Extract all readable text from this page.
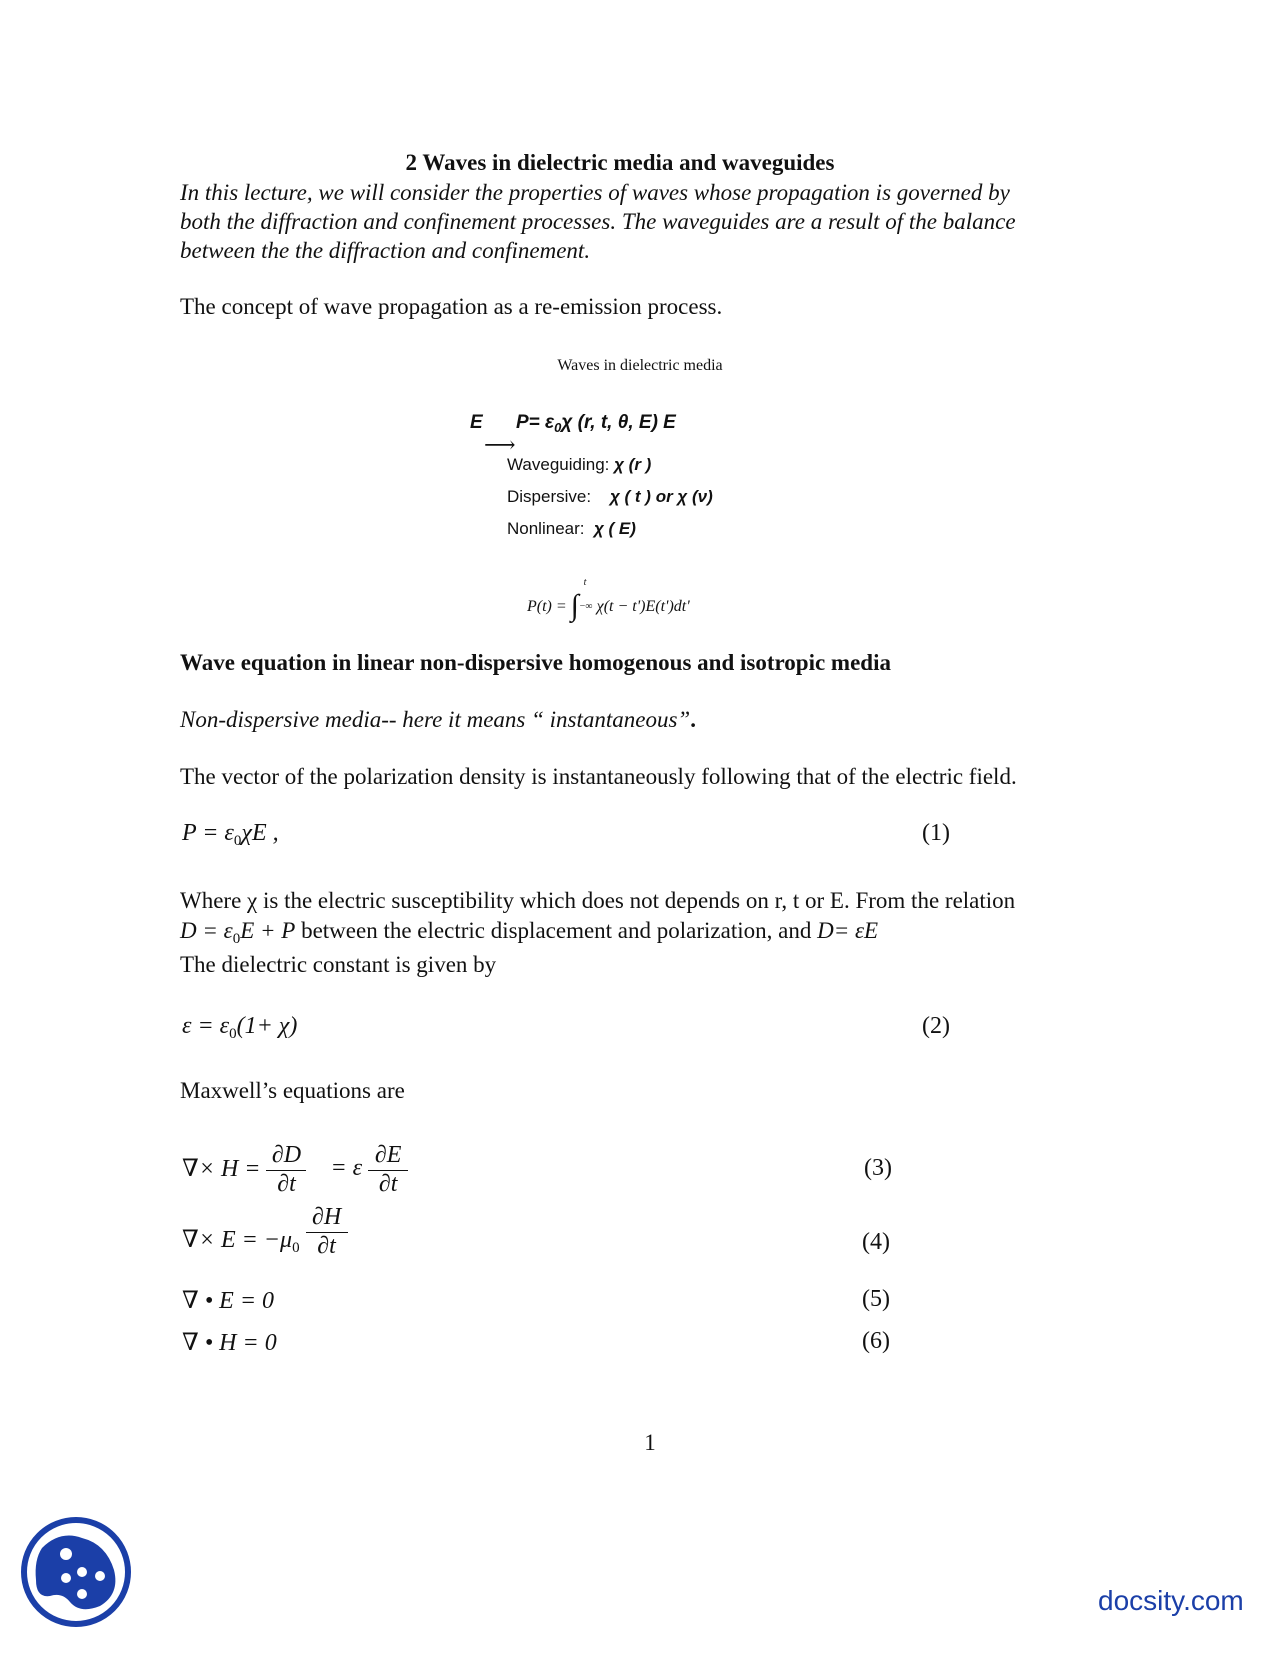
2 Waves in dielectric media and waveguides
In this lecture, we will consider the properties of waves whose propagation is governed by
both the diffraction and confinement processes. The waveguides are a result of the balance
between the the diffraction and confinement.
The concept of wave propagation as a re-emission process.
Waves in dielectric media
E $P= \varepsilon_0\chi$ (r, t, θ, E) E
⟶
Waveguiding: χ (r )
Dispersive: χ ( t ) or χ (ν)
Nonlinear: χ ( E)
P(t) = ∫
t
−∞ χ(t − t')E(t')dt'
Wave equation in linear non-dispersive homogenous and isotropic media
Non-dispersive media-- here it means “ instantaneous”.
The vector of the polarization density is instantaneously following that of the electric field.
$P = \varepsilon_0\chi E$ ,	(1)
Where χ is the electric susceptibility which does not depends on r, t or E. From the relation
$D = \varepsilon_0E + P$ between the electric displacement and polarization, and D= εE
The dielectric constant is given by
$\varepsilon = \varepsilon_0(1+ \chi)$	(2)
Maxwell’s equations are
∇× $H = \frac{\partial D}{\partial t} = \varepsilon \frac{\partial E}{\partial t}$	(3)
∇× $E = -\mu_0 \frac{\partial H}{\partial t}$	(4)
∇ • E = 0	(5)
∇ • H = 0	(6)
1
docsity.com
